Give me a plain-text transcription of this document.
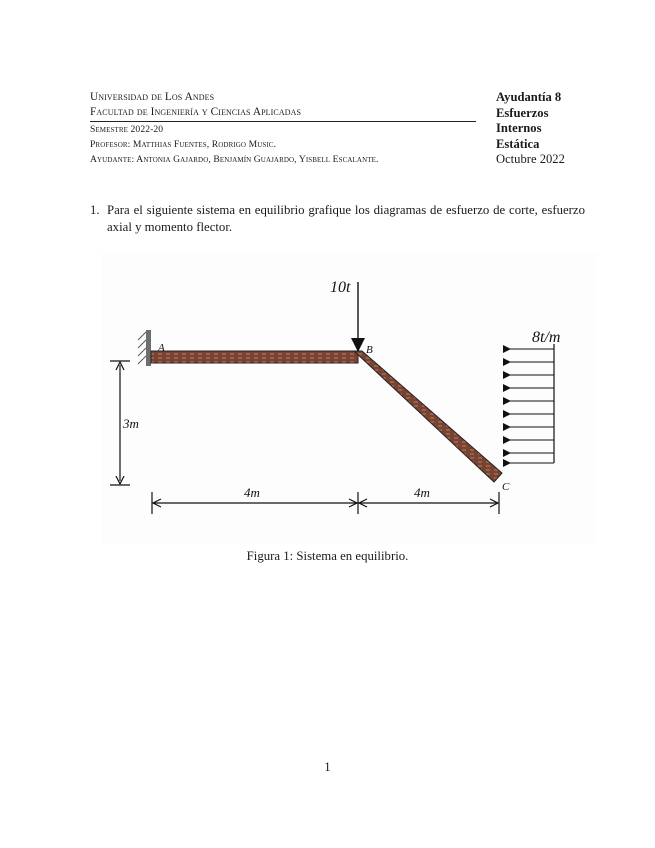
Universidad de Los Andes
Facultad de Ingeniería y Ciencias Aplicadas
Semestre 2022-20
Profesor: Matthias Fuentes, Rodrigo Music.
Ayudante: Antonia Gajardo, Benjamín Guajardo, Yisbell Escalante.
Ayudantía 8
Esfuerzos
Internos
Estática
Octubre 2022
1. Para el siguiente sistema en equilibrio grafique los diagramas de esfuerzo de corte, esfuerzo axial y momento flector.
10t
8t/m
A	B
C
3m
4m	4m
Figura 1: Sistema en equilibrio.
1
